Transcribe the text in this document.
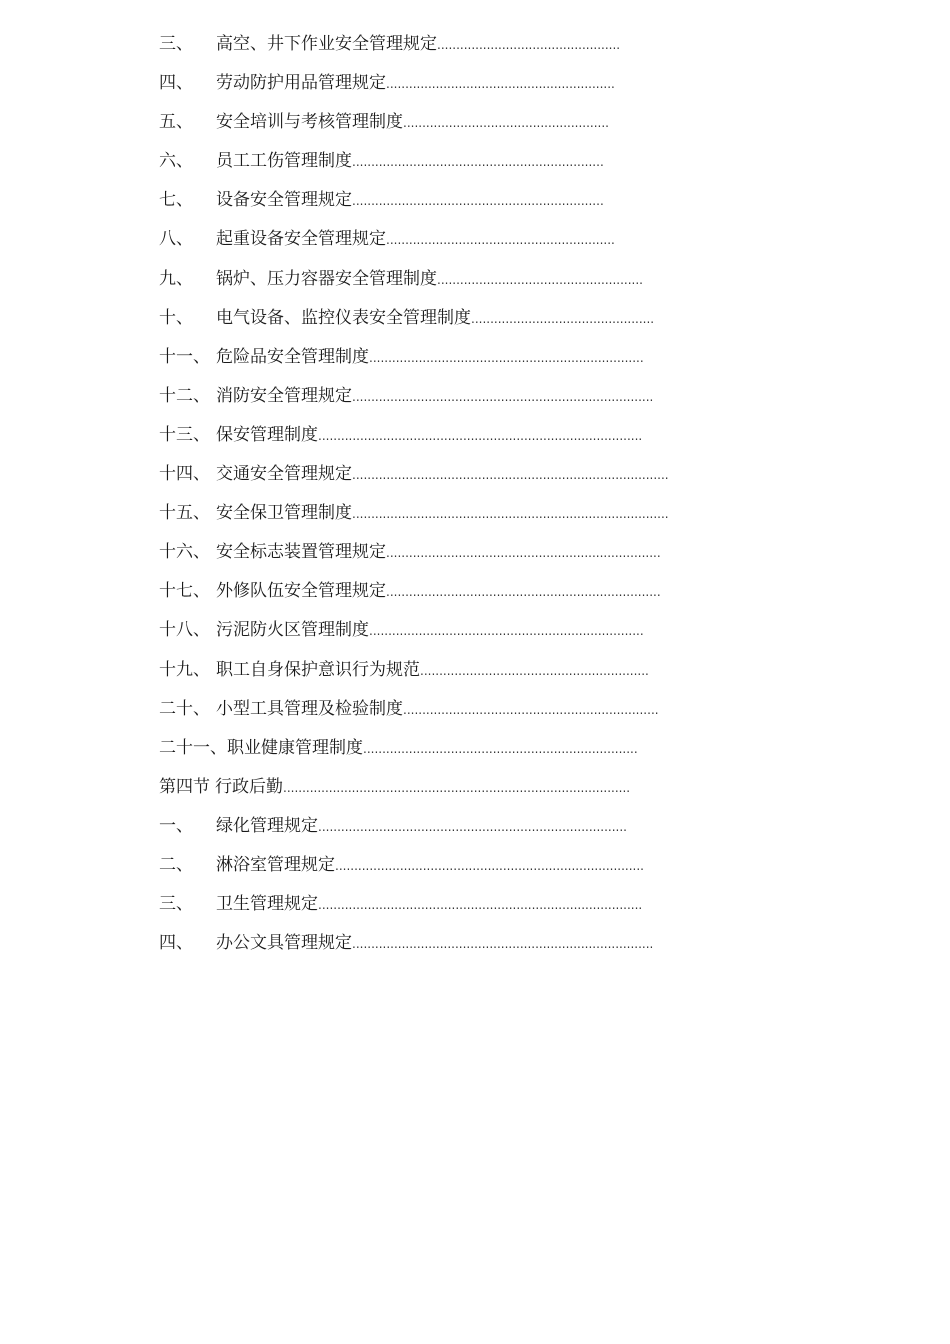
三、 高空、井下作业安全管理规定................................................
四、 劳动防护用品管理规定............................................................
五、 安全培训与考核管理制度......................................................
六、 员工工伤管理制度..................................................................
七、 设备安全管理规定..................................................................
八、 起重设备安全管理规定............................................................
九、 锅炉、压力容器安全管理制度......................................................
十、 电气设备、监控仪表安全管理制度................................................
十一、 危险品安全管理制度........................................................................
十二、 消防安全管理规定...............................................................................
十三、 保安管理制度.....................................................................................
十四、 交通安全管理规定...................................................................................
十五、 安全保卫管理制度...................................................................................
十六、 安全标志装置管理规定........................................................................
十七、 外修队伍安全管理规定........................................................................
十八、 污泥防火区管理制度........................................................................
十九、 职工自身保护意识行为规范............................................................
二十、 小型工具管理及检验制度...................................................................
二十一、职业健康管理制度........................................................................
第四节 行政后勤...........................................................................................
一、 绿化管理规定.................................................................................
二、 淋浴室管理规定.................................................................................
三、 卫生管理规定.....................................................................................
四、 办公文具管理规定...............................................................................
